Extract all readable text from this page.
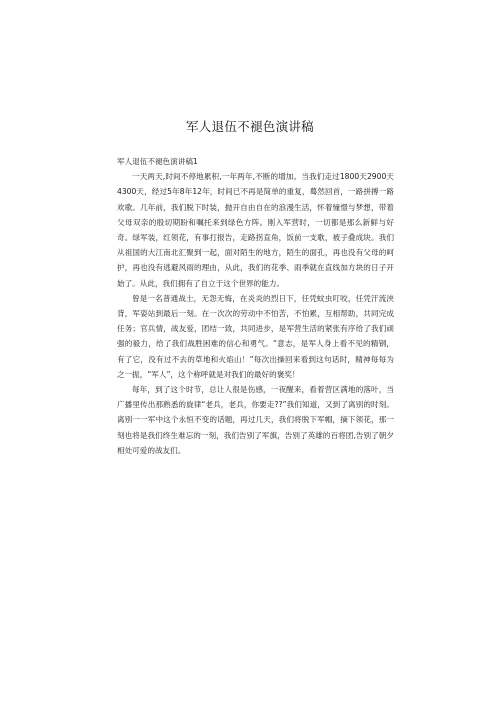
军人退伍不褪色演讲稿

军人退伍不褪色演讲稿1

一天两天,时间不停地累积,一年两年,不断的增加。当我们走过1800天2900天4300天，经过5年8年12年，时间已不再是简单的重复，蓦然回首，一路拼搏一路欢歌。几年前，我们脱下时装，抛开自由自在的浪漫生活，怀着憧憬与梦想，带着父母双亲的殷切期盼和嘱托来到绿色方阵。刚入军营时，一切都是那么新鲜与好奇。绿军装，红领花，有事打报告，走路拐直角，饭前一支歌，被子叠成块。我们从祖国的大江南北汇聚到一起，面对陌生的地方，陌生的面孔，再也没有父母的呵护，再也没有逃避风雨的理由，从此，我们的花季、雨季就在直线加方块的日子开始了。从此，我们拥有了自立于这个世界的能力。

曾是一名普通战士，无怨无悔，在炎炎的烈日下，任凭蚊虫叮咬，任凭汗流浃背，军姿站到最后一刻。在一次次的劳动中不怕苦，不怕累，互相帮助，共同完成任务；官兵情，战友爱，团结一致，共同进步，是军营生活的紧张有序给了我们顽强的毅力，给了我们战胜困难的信心和勇气。“意志，是军人身上看不见的精钢，有了它，没有过不去的草地和火焰山！”每次出操回来看到这句话时，精神每每为之一振，“军人”，这个称呼就是对我们的最好的褒奖！

每年，到了这个时节，总让人很是伤感，一夜醒来，看着营区满地的落叶，当广播里传出那熟悉的旋律“老兵，老兵，你要走??”我们知道，又到了离别的时刻。离别一一军中这个永恒不变的话题，再过几天，我们将脱下军帽，摘下领花，那一刻也将是我们终生难忘的一刻，我们告别了军旗，告别了英雄的百将团,告别了朝夕相处可爱的战友们。
